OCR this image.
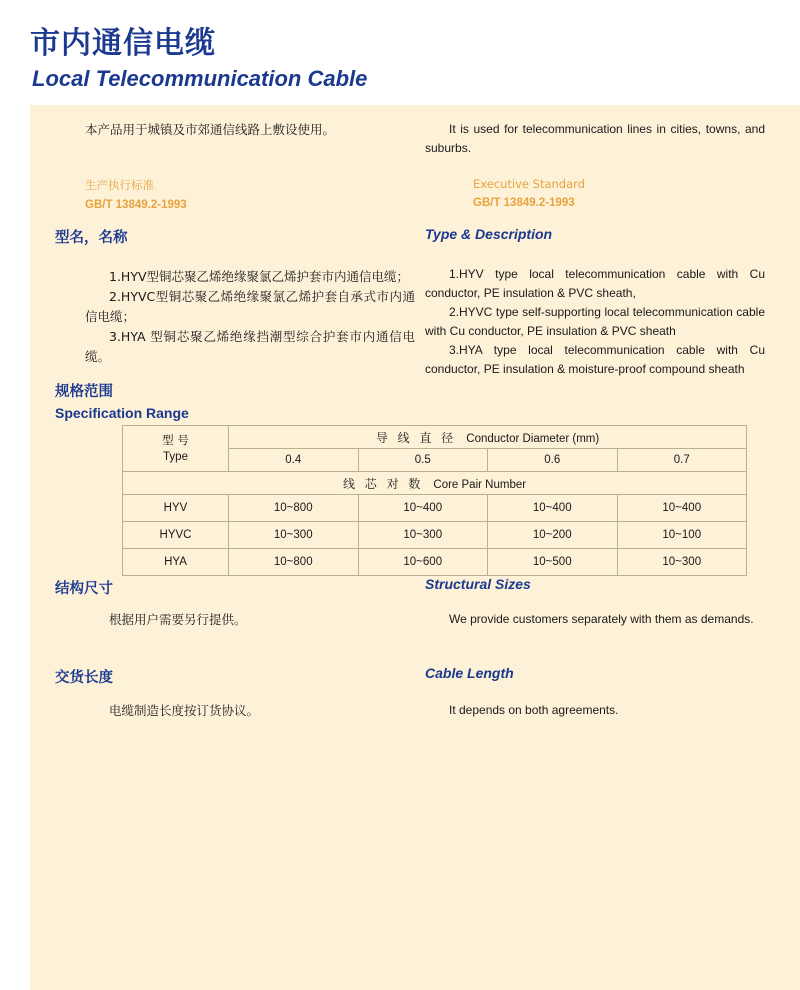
市内通信电缆
Local Telecommunication Cable
本产品用于城镇及市郊通信线路上敷设使用。	It is used for telecommunication lines in cities, towns, and suburbs.
生产执行标准
GB/T 13849.2-1993
Executive Standard
GB/T 13849.2-1993
型名，名称	Type & Description
1.HYV型铜芯聚乙烯绝缘聚氯乙烯护套市内通信电缆；
2.HYVC型铜芯聚乙烯绝缘聚氯乙烯护套自承式市内通信电缆；
3.HYA 型铜芯聚乙烯绝缘挡潮型综合护套市内通信电缆。
1.HYV type local telecommunication cable with Cu conductor, PE insulation & PVC sheath,
2.HYVC type self-supporting local telecommunication cable with Cu conductor, PE insulation & PVC sheath
3.HYA type local telecommunication cable with Cu conductor, PE insulation & moisture-proof compound sheath
规格范围
Specification Range
型 号
Type	导 线 直 径 Conductor Diameter (mm)			
	0.4	0.5	0.6	0.7
线 芯 对 数 Core Pair Number				
HYV	10~800	10~400	10~400	10~400
HYVC	10~300	10~300	10~200	10~100
HYA	10~800	10~600	10~500	10~300
结构尺寸	Structural Sizes
根据用户需要另行提供。	We provide customers separately with them as demands.
交货长度	Cable Length
电缆制造长度按订货协议。	It depends on both agreements.
